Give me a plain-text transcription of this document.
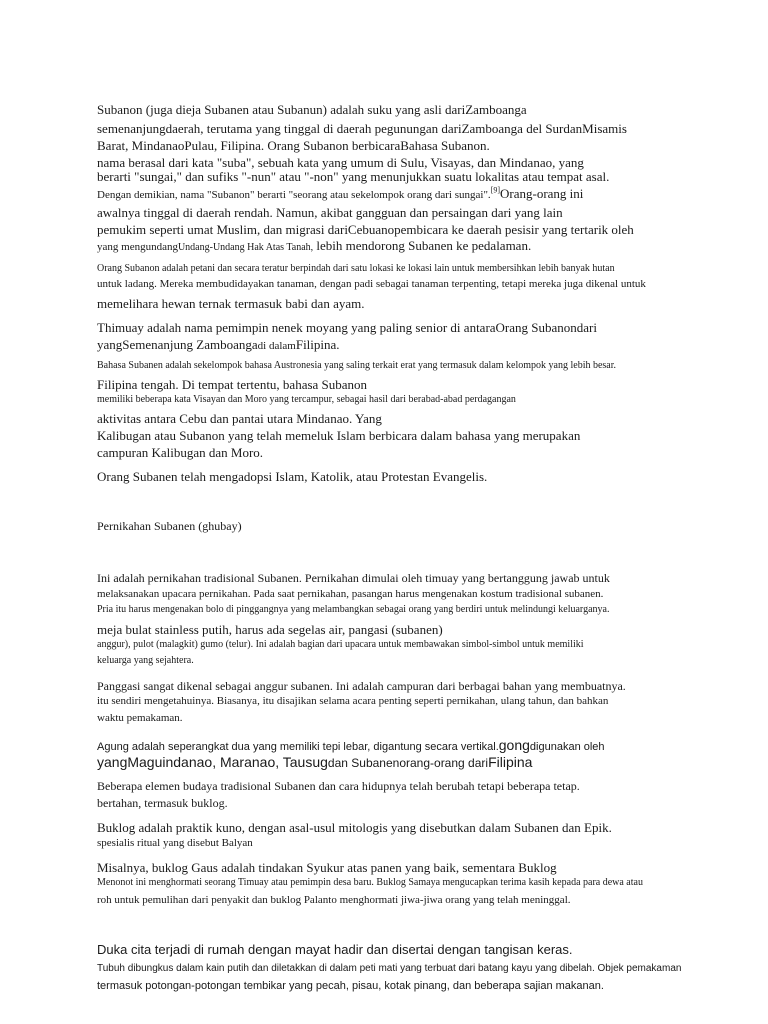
Subanon (juga dieja Subanen atau Subanun) adalah suku yang asli dariZamboanga
semenanjungdaerah, terutama yang tinggal di daerah pegunungan dariZamboanga del SurdanMisamis
Barat, MindanaoPulau, Filipina. Orang Subanon berbicaraBahasa Subanon.
nama berasal dari kata "suba", sebuah kata yang umum di Sulu, Visayas, dan Mindanao, yang
berarti "sungai," dan sufiks "-nun" atau "-non" yang menunjukkan suatu lokalitas atau tempat asal.
Dengan demikian, nama "Subanon" berarti "seorang atau sekelompok orang dari sungai".[9]Orang-orang ini
awalnya tinggal di daerah rendah. Namun, akibat gangguan dan persaingan dari yang lain
pemukim seperti umat Muslim, dan migrasi dariCebuanopembicara ke daerah pesisir yang tertarik oleh
yang mengundangUndang-Undang Hak Atas Tanah, lebih mendorong Subanen ke pedalaman.
Orang Subanon adalah petani dan secara teratur berpindah dari satu lokasi ke lokasi lain untuk membersihkan lebih banyak hutan
untuk ladang. Mereka membudidayakan tanaman, dengan padi sebagai tanaman terpenting, tetapi mereka juga dikenal untuk
memelihara hewan ternak termasuk babi dan ayam.
Thimuay adalah nama pemimpin nenek moyang yang paling senior di antaraOrang Subanondari
yangSemenanjung Zamboangadi dalamFilipina.
Bahasa Subanen adalah sekelompok bahasa Austronesia yang saling terkait erat yang termasuk dalam kelompok yang lebih besar.
Filipina tengah. Di tempat tertentu, bahasa Subanon
memiliki beberapa kata Visayan dan Moro yang tercampur, sebagai hasil dari berabad-abad perdagangan
aktivitas antara Cebu dan pantai utara Mindanao. Yang
Kalibugan atau Subanon yang telah memeluk Islam berbicara dalam bahasa yang merupakan
campuran Kalibugan dan Moro.
Orang Subanen telah mengadopsi Islam, Katolik, atau Protestan Evangelis.
Pernikahan Subanen (ghubay)
Ini adalah pernikahan tradisional Subanen. Pernikahan dimulai oleh timuay yang bertanggung jawab untuk
melaksanakan upacara pernikahan. Pada saat pernikahan, pasangan harus mengenakan kostum tradisional subanen.
Pria itu harus mengenakan bolo di pinggangnya yang melambangkan sebagai orang yang berdiri untuk melindungi keluarganya.
meja bulat stainless putih, harus ada segelas air, pangasi (subanen)
anggur), pulot (malagkit) gumo (telur). Ini adalah bagian dari upacara untuk membawakan simbol-simbol untuk memiliki
keluarga yang sejahtera.
Panggasi sangat dikenal sebagai anggur subanen. Ini adalah campuran dari berbagai bahan yang membuatnya.
itu sendiri mengetahuinya. Biasanya, itu disajikan selama acara penting seperti pernikahan, ulang tahun, dan bahkan
waktu pemakaman.
Agung adalah seperangkat dua yang memiliki tepi lebar, digantung secara vertikal.gongdigunakan oleh
yangMaguindanao, Maranao, Tausugdan Subanenorang-orang dariFilipina
Beberapa elemen budaya tradisional Subanen dan cara hidupnya telah berubah tetapi beberapa tetap.
bertahan, termasuk buklog.
Buklog adalah praktik kuno, dengan asal-usul mitologis yang disebutkan dalam Subanen dan Epik.
spesialis ritual yang disebut Balyan
Misalnya, buklog Gaus adalah tindakan Syukur atas panen yang baik, sementara Buklog
Menonot ini menghormati seorang Timuay atau pemimpin desa baru. Buklog Samaya mengucapkan terima kasih kepada para dewa atau
roh untuk pemulihan dari penyakit dan buklog Palanto menghormati jiwa-jiwa orang yang telah meninggal.
Duka cita terjadi di rumah dengan mayat hadir dan disertai dengan tangisan keras.
Tubuh dibungkus dalam kain putih dan diletakkan di dalam peti mati yang terbuat dari batang kayu yang dibelah. Objek pemakaman
termasuk potongan-potongan tembikar yang pecah, pisau, kotak pinang, dan beberapa sajian makanan.
